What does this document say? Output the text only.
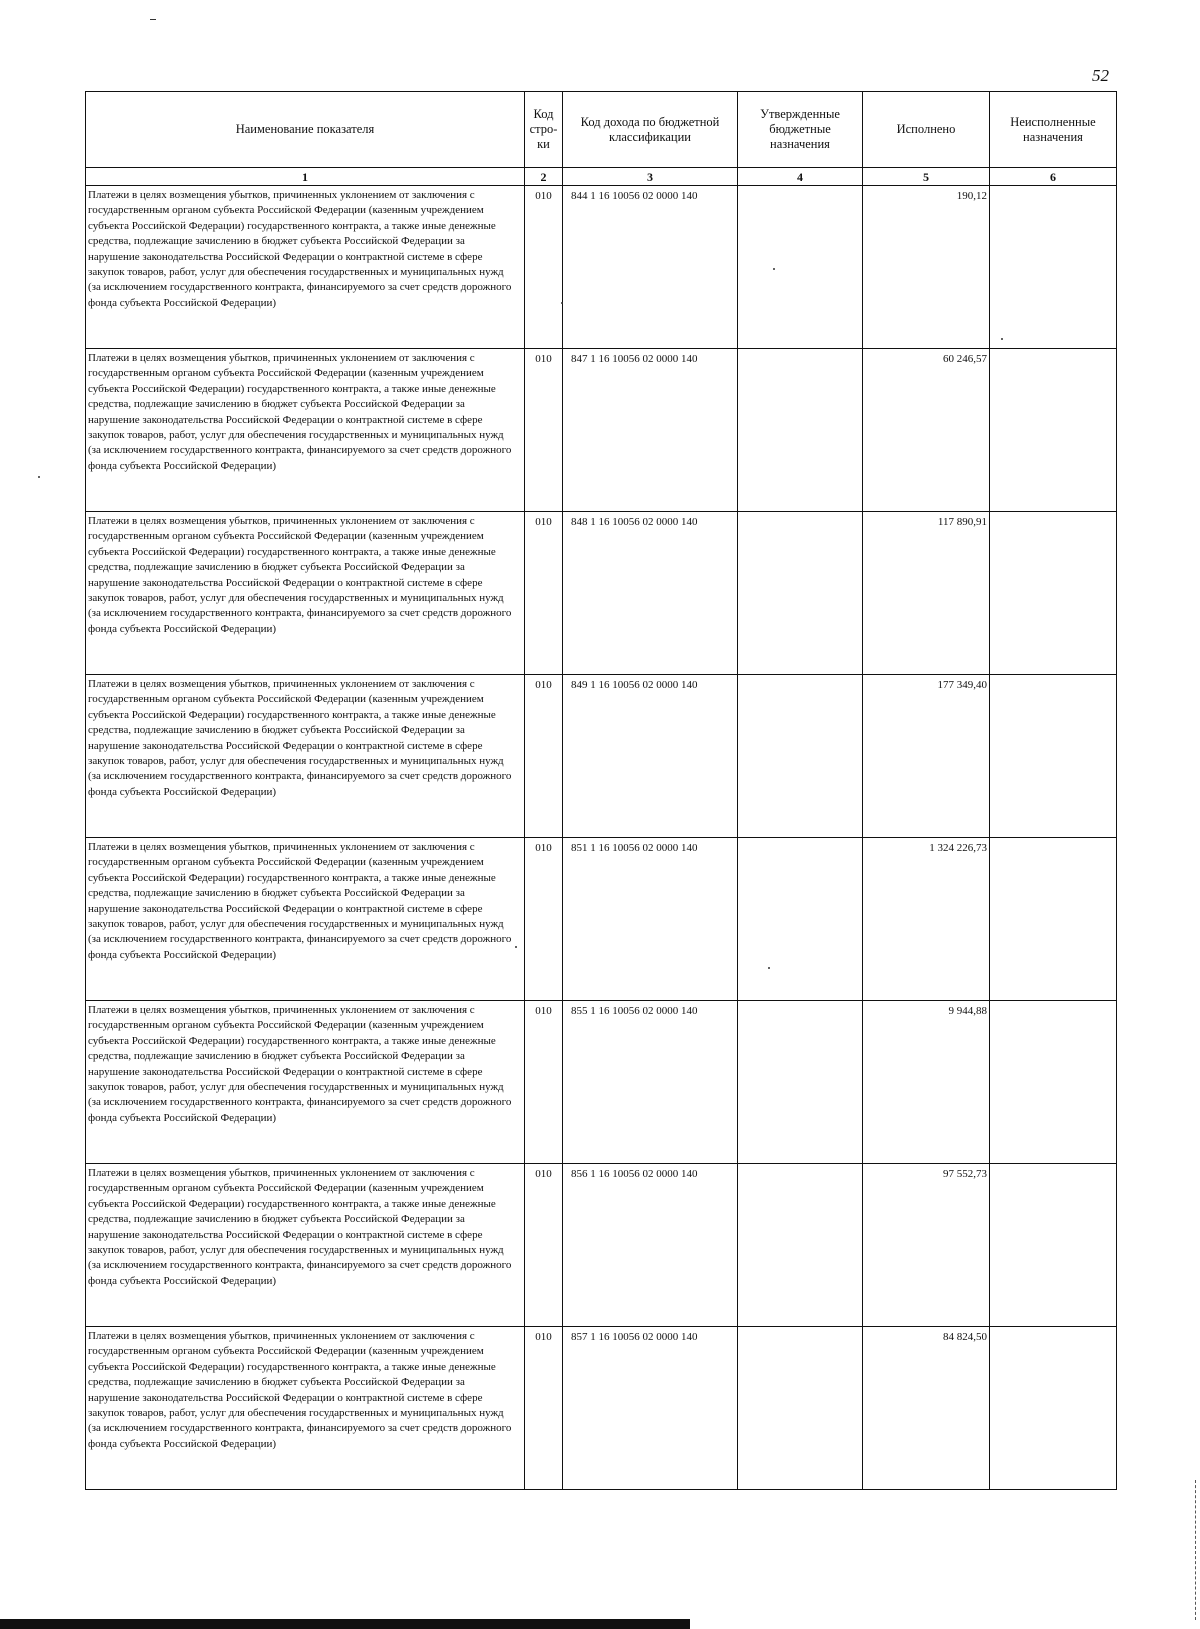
52
Наименование показателя	Код стро- ки	Код дохода по бюджетной классификации	Утвержденные бюджетные назначения	Исполнено	Неисполненные назначения
1	2	3	4	5	6
Платежи в целях возмещения убытков, причиненных уклонением от заключения с государственным органом субъекта Российской Федерации (казенным учреждением субъекта Российской Федерации) государственного контракта, а также иные денежные средства, подлежащие зачислению в бюджет субъекта Российской Федерации за нарушение законодательства Российской Федерации о контрактной системе в сфере закупок товаров, работ, услуг для обеспечения государственных и муниципальных нужд (за исключением государственного контракта, финансируемого за счет средств дорожного фонда субъекта Российской Федерации)	010	844 1 16 10056 02 0000 140		190,12	
Платежи в целях возмещения убытков, причиненных уклонением от заключения с государственным органом субъекта Российской Федерации (казенным учреждением субъекта Российской Федерации) государственного контракта, а также иные денежные средства, подлежащие зачислению в бюджет субъекта Российской Федерации за нарушение законодательства Российской Федерации о контрактной системе в сфере закупок товаров, работ, услуг для обеспечения государственных и муниципальных нужд (за исключением государственного контракта, финансируемого за счет средств дорожного фонда субъекта Российской Федерации)	010	847 1 16 10056 02 0000 140		60 246,57	
Платежи в целях возмещения убытков, причиненных уклонением от заключения с государственным органом субъекта Российской Федерации (казенным учреждением субъекта Российской Федерации) государственного контракта, а также иные денежные средства, подлежащие зачислению в бюджет субъекта Российской Федерации за нарушение законодательства Российской Федерации о контрактной системе в сфере закупок товаров, работ, услуг для обеспечения государственных и муниципальных нужд (за исключением государственного контракта, финансируемого за счет средств дорожного фонда субъекта Российской Федерации)	010	848 1 16 10056 02 0000 140		117 890,91	
Платежи в целях возмещения убытков, причиненных уклонением от заключения с государственным органом субъекта Российской Федерации (казенным учреждением субъекта Российской Федерации) государственного контракта, а также иные денежные средства, подлежащие зачислению в бюджет субъекта Российской Федерации за нарушение законодательства Российской Федерации о контрактной системе в сфере закупок товаров, работ, услуг для обеспечения государственных и муниципальных нужд (за исключением государственного контракта, финансируемого за счет средств дорожного фонда субъекта Российской Федерации)	010	849 1 16 10056 02 0000 140		177 349,40	
Платежи в целях возмещения убытков, причиненных уклонением от заключения с государственным органом субъекта Российской Федерации (казенным учреждением субъекта Российской Федерации) государственного контракта, а также иные денежные средства, подлежащие зачислению в бюджет субъекта Российской Федерации за нарушение законодательства Российской Федерации о контрактной системе в сфере закупок товаров, работ, услуг для обеспечения государственных и муниципальных нужд (за исключением государственного контракта, финансируемого за счет средств дорожного фонда субъекта Российской Федерации)	010	851 1 16 10056 02 0000 140		1 324 226,73	
Платежи в целях возмещения убытков, причиненных уклонением от заключения с государственным органом субъекта Российской Федерации (казенным учреждением субъекта Российской Федерации) государственного контракта, а также иные денежные средства, подлежащие зачислению в бюджет субъекта Российской Федерации за нарушение законодательства Российской Федерации о контрактной системе в сфере закупок товаров, работ, услуг для обеспечения государственных и муниципальных нужд (за исключением государственного контракта, финансируемого за счет средств дорожного фонда субъекта Российской Федерации)	010	855 1 16 10056 02 0000 140		9 944,88	
Платежи в целях возмещения убытков, причиненных уклонением от заключения с государственным органом субъекта Российской Федерации (казенным учреждением субъекта Российской Федерации) государственного контракта, а также иные денежные средства, подлежащие зачислению в бюджет субъекта Российской Федерации за нарушение законодательства Российской Федерации о контрактной системе в сфере закупок товаров, работ, услуг для обеспечения государственных и муниципальных нужд (за исключением государственного контракта, финансируемого за счет средств дорожного фонда субъекта Российской Федерации)	010	856 1 16 10056 02 0000 140		97 552,73	
Платежи в целях возмещения убытков, причиненных уклонением от заключения с государственным органом субъекта Российской Федерации (казенным учреждением субъекта Российской Федерации) государственного контракта, а также иные денежные средства, подлежащие зачислению в бюджет субъекта Российской Федерации за нарушение законодательства Российской Федерации о контрактной системе в сфере закупок товаров, работ, услуг для обеспечения государственных и муниципальных нужд (за исключением государственного контракта, финансируемого за счет средств дорожного фонда субъекта Российской Федерации)	010	857 1 16 10056 02 0000 140		84 824,50	
